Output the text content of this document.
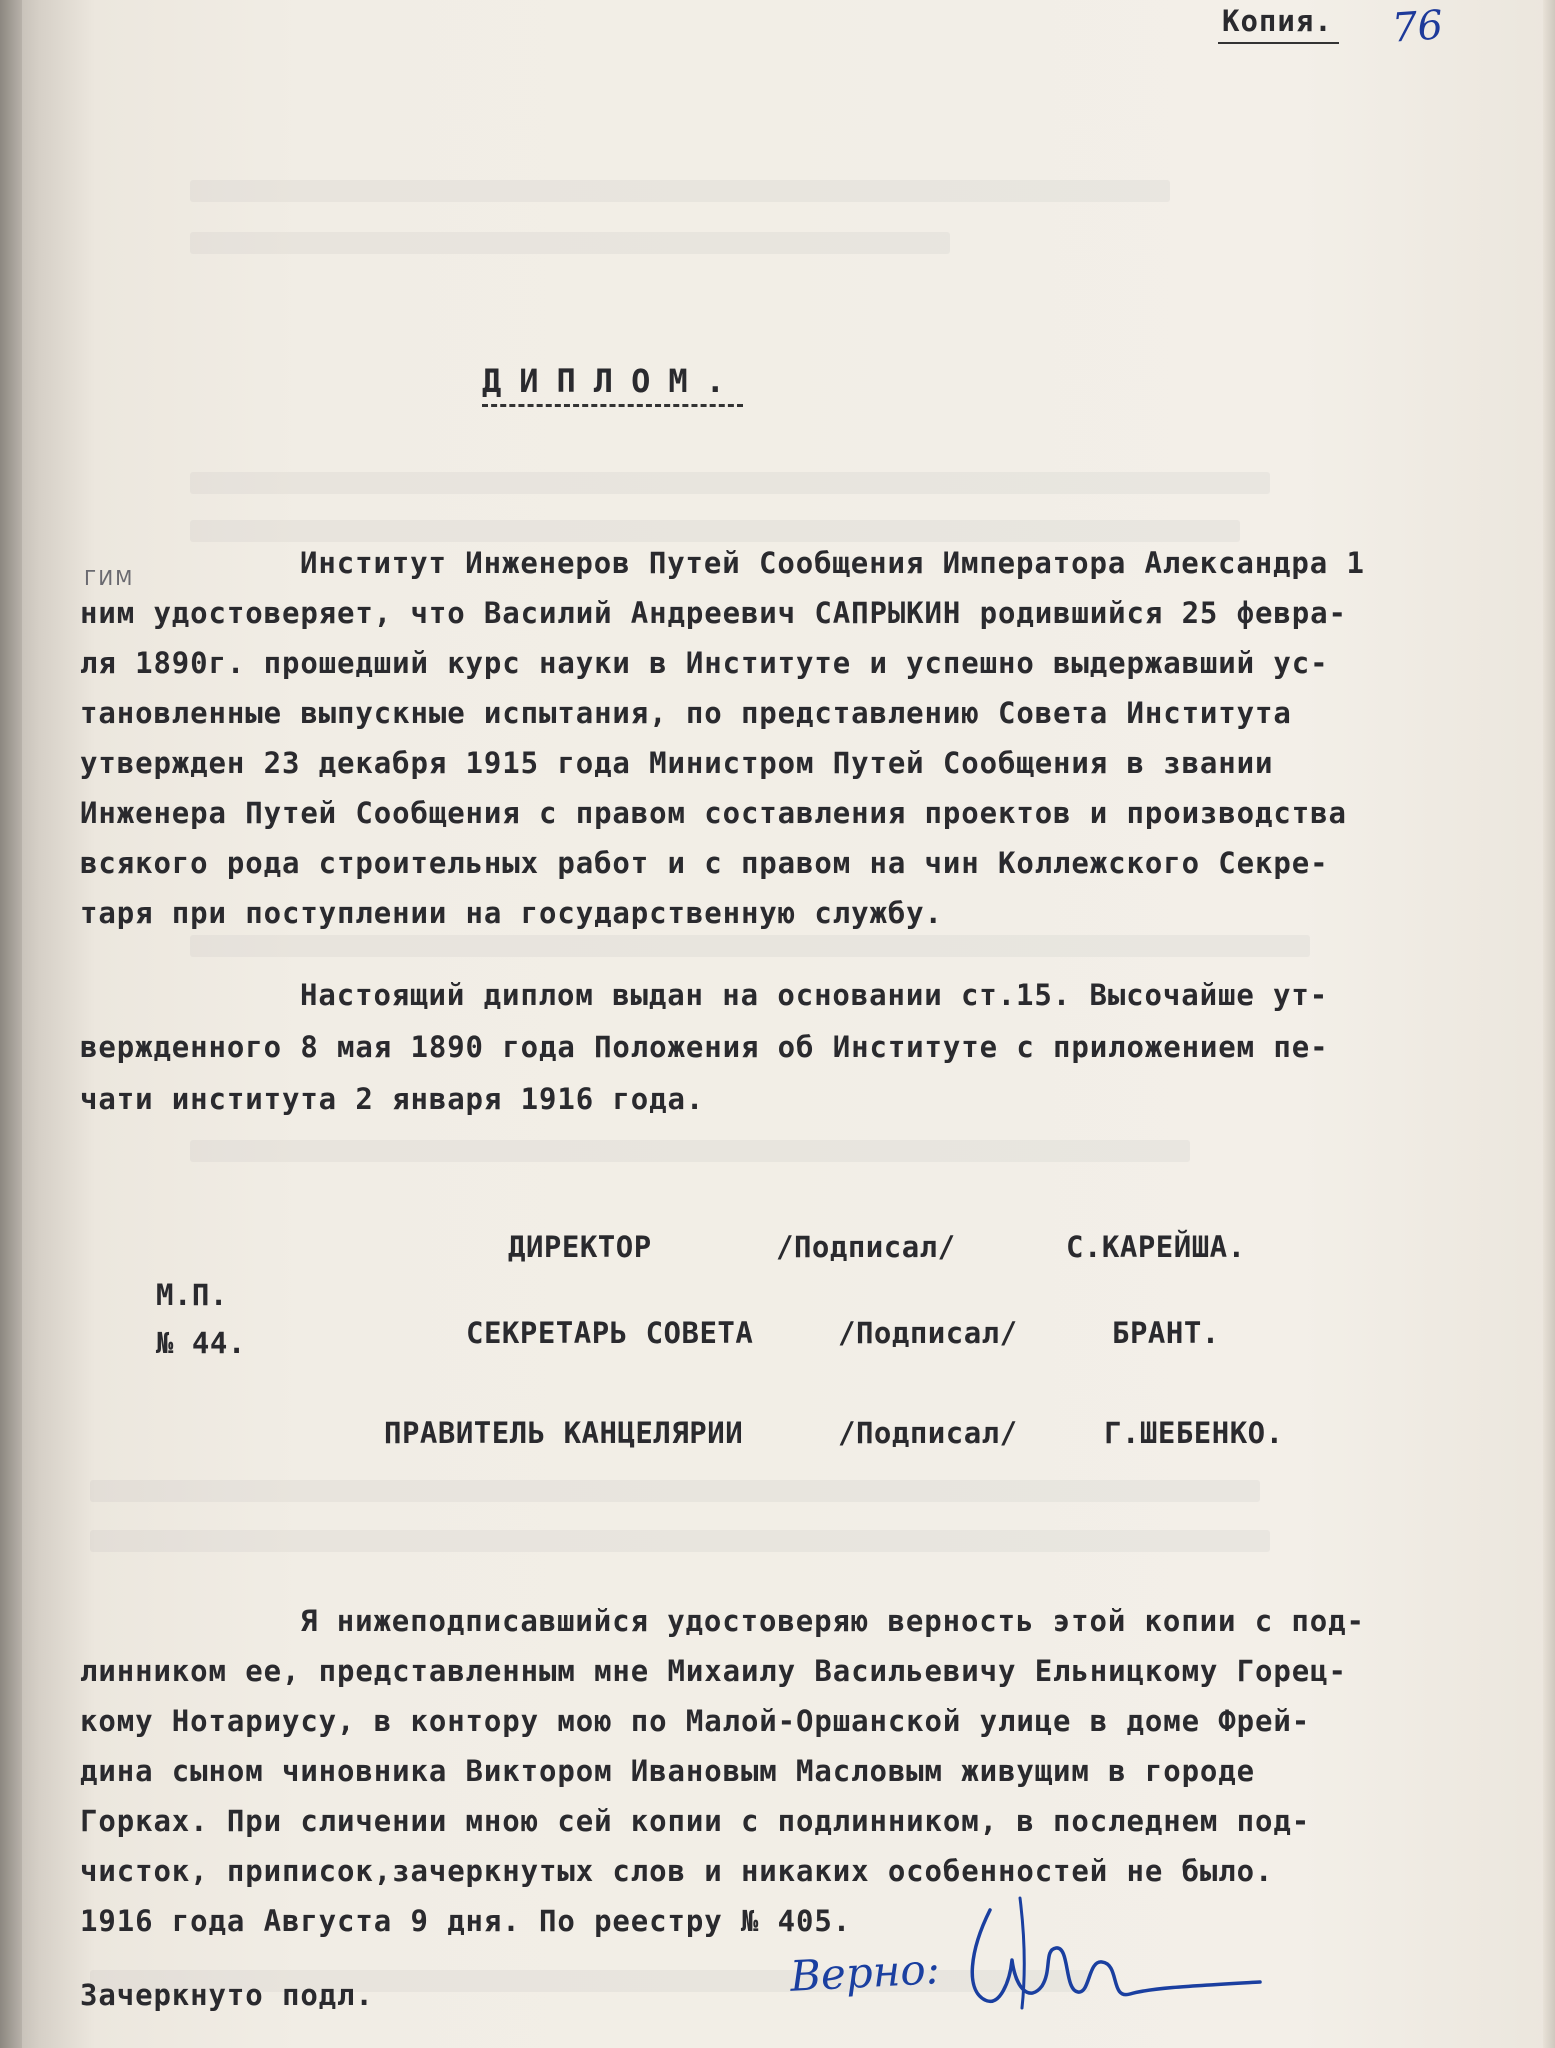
Копия. 76
ДИПЛОМ.
ГИМ	Институт Инженеров Путей Сообщения Императора Александра 1
ним удостоверяет, что Василий Андреевич САПРЫКИН родившийся 25 февра-
ля 1890г. прошедший курс науки в Институте и успешно выдержавший ус-
тановленные выпускные испытания, по представлению Совета Института
утвержден 23 декабря 1915 года Министром Путей Сообщения в звании
Инженера Путей Сообщения с правом составления проектов и производства
всякого рода строительных работ и с правом на чин Коллежского Секре-
таря при поступлении на государственную службу.
Настоящий диплом выдан на основании ст.15. Высочайше ут-
вержденного 8 мая 1890 года Положения об Институте с приложением пе-
чати института 2 января 1916 года.
ДИРЕКТОР	/Подписал/	С.КАРЕЙША.
М.П.
№ 44.	СЕКРЕТАРЬ СОВЕТА	/Подписал/	БРАНТ.
ПРАВИТЕЛЬ КАНЦЕЛЯРИИ	/Подписал/	Г.ШЕБЕНКО.
Я нижеподписавшийся удостоверяю верность этой копии с под-
линником ее, представленным мне Михаилу Васильевичу Ельницкому Горец-
кому Нотариусу, в контору мою по Малой-Оршанской улице в доме Фрей-
дина сыном чиновника Виктором Ивановым Масловым живущим в городе
Горках. При сличении мною сей копии с подлинником, в последнем под-
чисток, приписок,зачеркнутых слов и никаких особенностей не было.
1916 года Августа 9 дня. По реестру № 405.
Зачеркнуто подл.	Верно:
